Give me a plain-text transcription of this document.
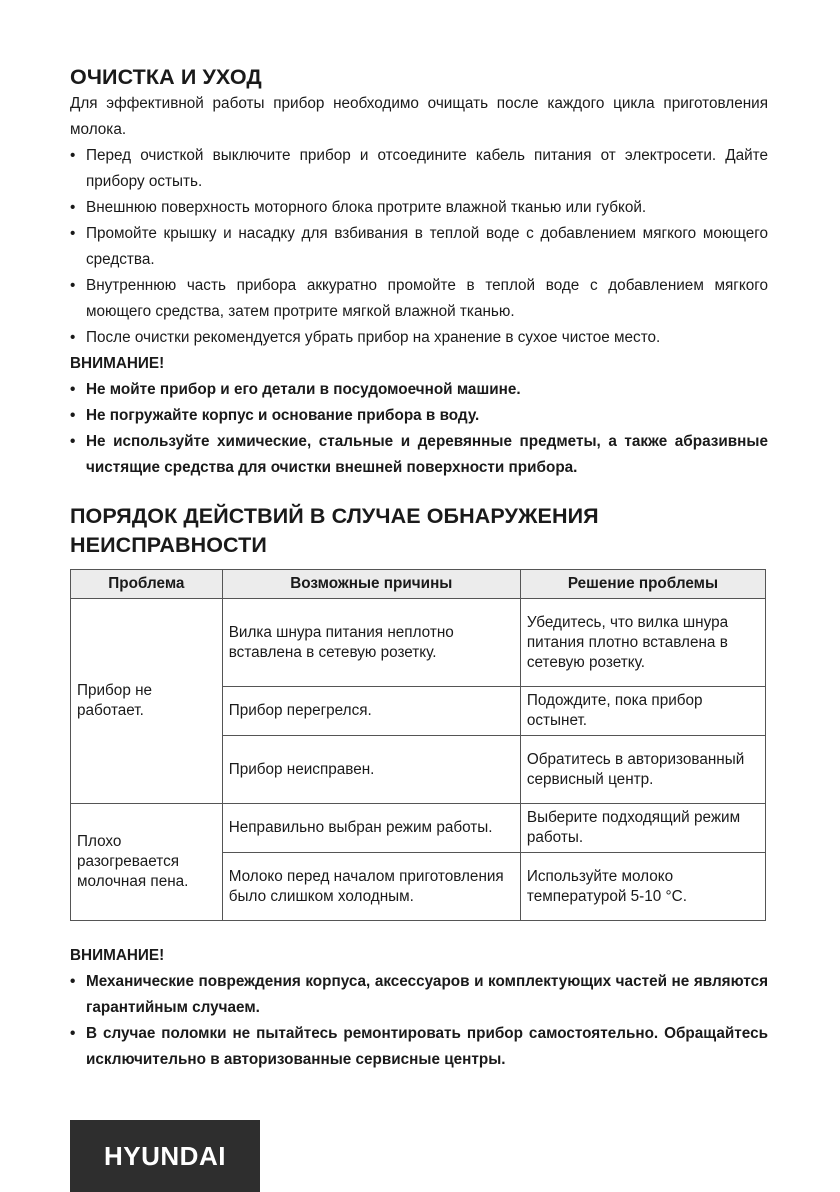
ОЧИСТКА И УХОД

Для эффективной работы прибор необходимо очищать после каждого цикла приготовления молока.

• Перед очисткой выключите прибор и отсоедините кабель питания от электросети. Дайте прибору остыть.
• Внешнюю поверхность моторного блока протрите влажной тканью или губкой.
• Промойте крышку и насадку для взбивания в теплой воде с добавлением мягкого моющего средства.
• Внутреннюю часть прибора аккуратно промойте в теплой воде с добавлением мягкого моющего средства, затем протрите мягкой влажной тканью.
• После очистки рекомендуется убрать прибор на хранение в сухое чистое место.

ВНИМАНИЕ!

• Не мойте прибор и его детали в посудомоечной машине.
• Не погружайте корпус и основание прибора в воду.
• Не используйте химические, стальные и деревянные предметы, а также абразивные чистящие средства для очистки внешней поверхности прибора.
ПОРЯДОК ДЕЙСТВИЙ В СЛУЧАЕ ОБНАРУЖЕНИЯ НЕИСПРАВНОСТИ
Проблема	Возможные причины	Решение проблемы
Прибор не работает.	Вилка шнура питания неплотно вставлена в сетевую розетку.	Убедитесь, что вилка шнура питания плотно вставлена в сетевую розетку.
	Прибор перегрелся.	Подождите, пока прибор остынет.
	Прибор неисправен.	Обратитесь в авторизованный сервисный центр.
Плохо разогревается молочная пена.	Неправильно выбран режим работы.	Выберите подходящий режим работы.
	Молоко перед началом приготовления было слишком холодным.	Используйте молоко температурой 5-10 °C.

ВНИМАНИЕ!

• Механические повреждения корпуса, аксессуаров и комплектующих частей не являются гарантийным случаем.
• В случае поломки не пытайтесь ремонтировать прибор самостоятельно. Обращайтесь исключительно в авторизованные сервисные центры.
HYUNDAI
